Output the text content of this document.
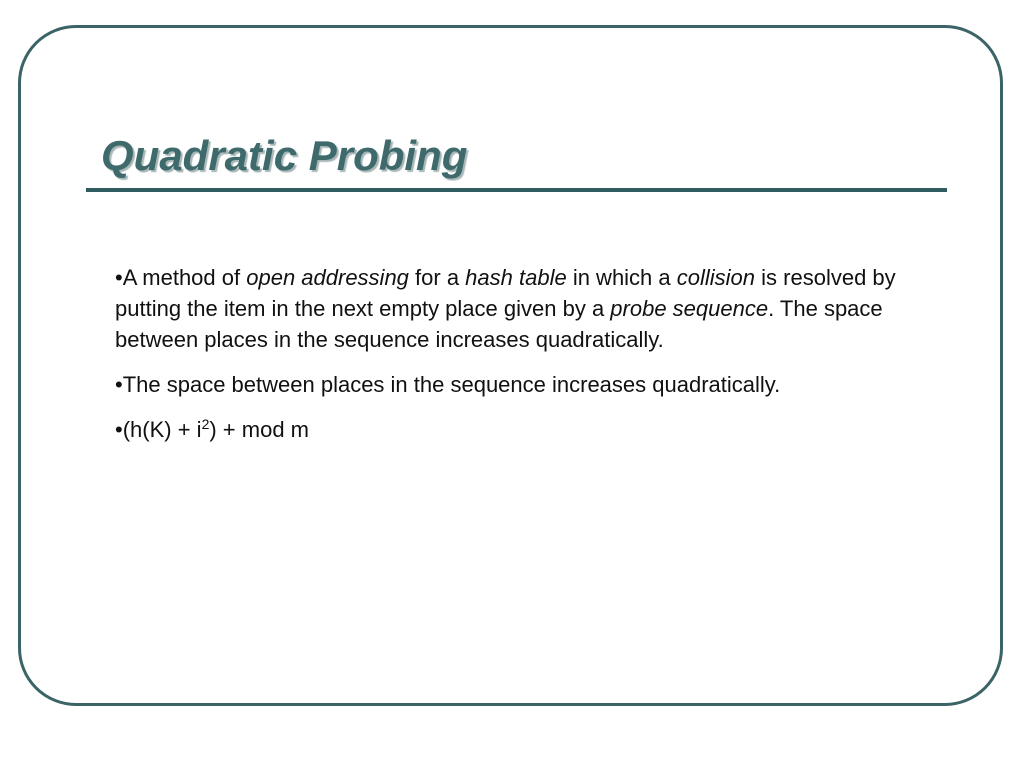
Quadratic Probing
•A method of open addressing for a hash table in which a collision is resolved by putting the item in the next empty place given by a probe sequence. The space between places in the sequence increases quadratically.
•The space between places in the sequence increases quadratically.
•(h(K) + $i^2$) + mod m
